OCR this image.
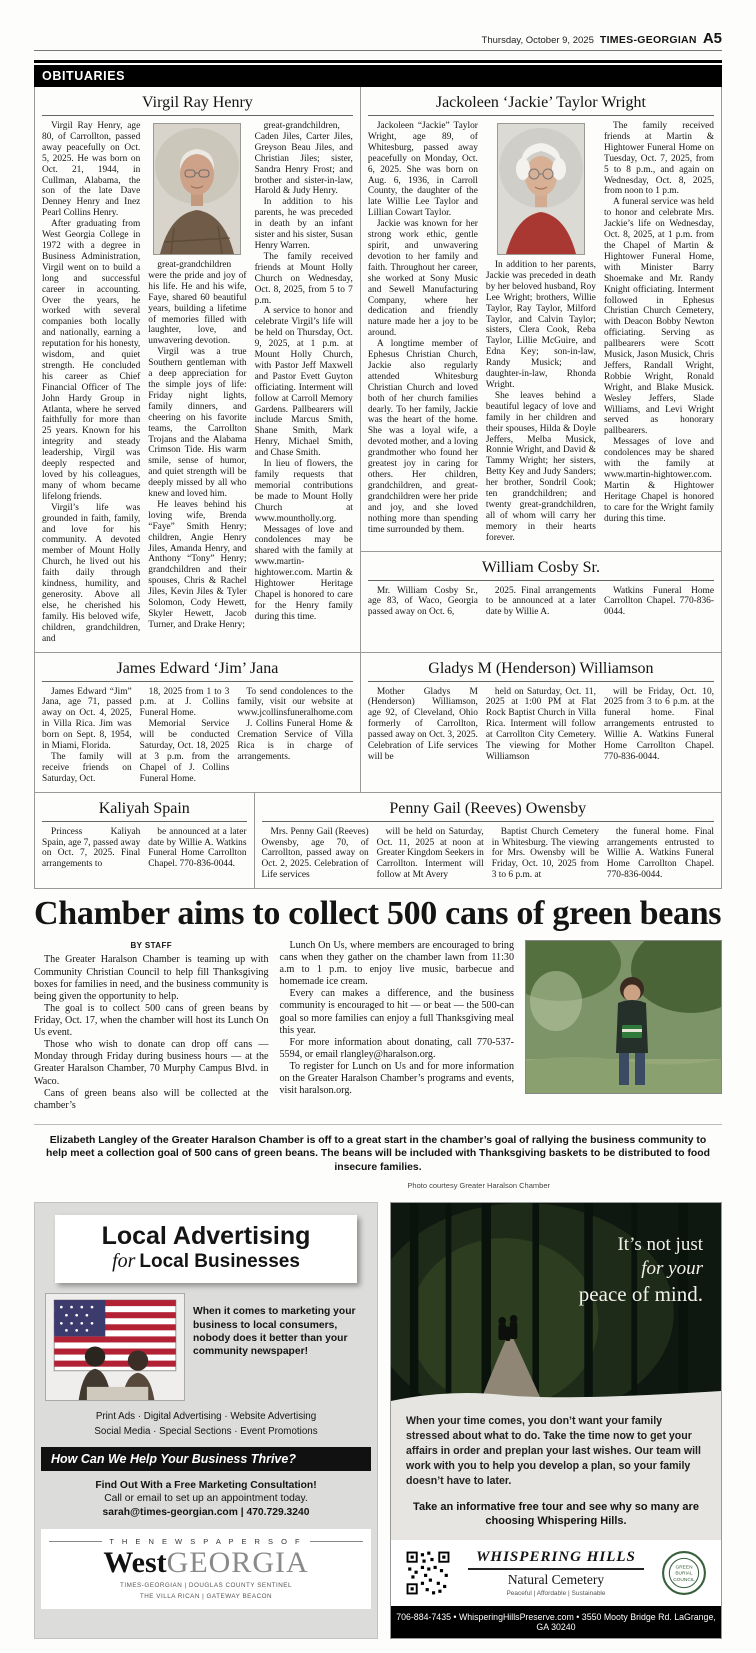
Thursday, October 9, 2025 TIMES-GEORGIAN A5
OBITUARIES
Virgil Ray Henry

Virgil Ray Henry, age 80, of Carrollton, passed away peacefully on Oct. 5, 2025. He was born on Oct. 21, 1944, in Cullman, Alabama, the son of the late Dave Denney Henry and Inez Pearl Collins Henry.

After graduating from West Georgia College in 1972 with a degree in Business Administration, Virgil went on to build a long and successful career in accounting. Over the years, he worked with several companies both locally and nationally, earning a reputation for his honesty, wisdom, and quiet strength. He concluded his career as Chief Financial Officer of The John Hardy Group in Atlanta, where he served faithfully for more than 25 years. Known for his integrity and steady leadership, Virgil was deeply respected and loved by his colleagues, many of whom became lifelong friends.

Virgil’s life was grounded in faith, family, and love for his community. A devoted member of Mount Holly Church, he lived out his faith daily through kindness, humility, and generosity. Above all else, he cherished his family. His beloved wife, children, grandchildren, and

great-grandchildren were the pride and joy of his life. He and his wife, Faye, shared 60 beautiful years, building a lifetime of memories filled with laughter, love, and unwavering devotion.

Virgil was a true Southern gentleman with a deep appreciation for the simple joys of life: Friday night lights, family dinners, and cheering on his favorite teams, the Carrollton Trojans and the Alabama Crimson Tide. His warm smile, sense of humor, and quiet strength will be deeply missed by all who knew and loved him.

He leaves behind his loving wife, Brenda “Faye” Smith Henry; children, Angie Henry Jiles, Amanda Henry, and Anthony “Tony” Henry; grandchildren and their spouses, Chris & Rachel Jiles, Kevin Jiles & Tyler Solomon, Cody Hewett, Skyler Hewett, Jacob Turner, and Drake Henry;

great-grandchildren, Caden Jiles, Carter Jiles, Greyson Beau Jiles, and Christian Jiles; sister, Sandra Henry Frost; and brother and sister-in-law, Harold & Judy Henry.

In addition to his parents, he was preceded in death by an infant sister and his sister, Susan Henry Warren.

The family received friends at Mount Holly Church on Wednesday, Oct. 8, 2025, from 5 to 7 p.m.

A service to honor and celebrate Virgil’s life will be held on Thursday, Oct. 9, 2025, at 1 p.m. at Mount Holly Church, with Pastor Jeff Maxwell and Pastor Evett Guyton officiating. Interment will follow at Carroll Memory Gardens. Pallbearers will include Marcus Smith, Shane Smith, Mark Henry, Michael Smith, and Chase Smith.

In lieu of flowers, the family requests that memorial contributions be made to Mount Holly Church at www.mountholly.org.

Messages of love and condolences may be shared with the family at www.martin-hightower.com. Martin & Hightower Heritage Chapel is honored to care for the Henry family during this time.

Jackoleen ‘Jackie’ Taylor Wright

Jackoleen “Jackie” Taylor Wright, age 89, of Whitesburg, passed away peacefully on Monday, Oct. 6, 2025. She was born on Aug. 6, 1936, in Carroll County, the daughter of the late Willie Lee Taylor and Lillian Cowart Taylor.

Jackie was known for her strong work ethic, gentle spirit, and unwavering devotion to her family and faith. Throughout her career, she worked at Sony Music and Sewell Manufacturing Company, where her dedication and friendly nature made her a joy to be around.

A longtime member of Ephesus Christian Church, Jackie also regularly attended Whitesburg Christian Church and loved both of her church families dearly. To her family, Jackie was the heart of the home. She was a loyal wife, a devoted mother, and a loving grandmother who found her greatest joy in caring for others. Her children, grandchildren, and great-grandchildren were her pride and joy, and she loved nothing more than spending time surrounded by them.

In addition to her parents, Jackie was preceded in death by her beloved husband, Roy Lee Wright; brothers, Willie Taylor, Ray Taylor, Milford Taylor, and Calvin Taylor; sisters, Clera Cook, Reba Taylor, Lillie McGuire, and Edna Key; son-in-law, Randy Musick; and daughter-in-law, Rhonda Wright.

She leaves behind a beautiful legacy of love and family in her children and their spouses, Hilda & Doyle Jeffers, Melba Musick, Ronnie Wright, and David & Tammy Wright; her sisters, Betty Key and Judy Sanders; her brother, Sondril Cook; ten grandchildren; and twenty great-grandchildren, all of whom will carry her memory in their hearts forever.

The family received friends at Martin & Hightower Funeral Home on Tuesday, Oct. 7, 2025, from 5 to 8 p.m., and again on Wednesday, Oct. 8, 2025, from noon to 1 p.m.

A funeral service was held to honor and celebrate Mrs. Jackie’s life on Wednesday, Oct. 8, 2025, at 1 p.m. from the Chapel of Martin & Hightower Funeral Home, with Minister Barry Shoemake and Mr. Randy Knight officiating. Interment followed in Ephesus Christian Church Cemetery, with Deacon Bobby Newton officiating. Serving as pallbearers were Scott Musick, Jason Musick, Chris Jeffers, Randall Wright, Robbie Wright, Ronald Wright, and Blake Musick. Wesley Jeffers, Slade Williams, and Levi Wright served as honorary pallbearers.

Messages of love and condolences may be shared with the family at www.martin-hightower.com. Martin & Hightower Heritage Chapel is honored to care for the Wright family during this time.

William Cosby Sr.

Mr. William Cosby Sr., age 83, of Waco, Georgia passed away on Oct. 6,

2025. Final arrangements to be announced at a later date by Willie A.

Watkins Funeral Home Carrollton Chapel. 770-836-0044.

James Edward ‘Jim’ Jana

James Edward “Jim” Jana, age 71, passed away on Oct. 4, 2025, in Villa Rica. Jim was born on Sept. 8, 1954, in Miami, Florida.

The family will receive friends on Saturday, Oct.

18, 2025 from 1 to 3 p.m. at J. Collins Funeral Home.

Memorial Service will be conducted Saturday, Oct. 18, 2025 at 3 p.m. from the Chapel of J. Collins Funeral Home.

To send condolences to the family, visit our website at www.jcollinsfuneralhome.com

J. Collins Funeral Home & Cremation Service of Villa Rica is in charge of arrangements.

Gladys M (Henderson) Williamson

Mother Gladys M (Henderson) Williamson, age 92, of Cleveland, Ohio formerly of Carrollton, passed away on Oct. 3, 2025. Celebration of Life services will be

held on Saturday, Oct. 11, 2025 at 1:00 PM at Flat Rock Baptist Church in Villa Rica. Interment will follow at Carrollton City Cemetery. The viewing for Mother Williamson

will be Friday, Oct. 10, 2025 from 3 to 6 p.m. at the funeral home. Final arrangements entrusted to Willie A. Watkins Funeral Home Carrollton Chapel. 770-836-0044.

Kaliyah Spain

Princess Kaliyah Spain, age 7, passed away on Oct. 7, 2025. Final arrangements to

be announced at a later date by Willie A. Watkins Funeral Home Carrollton Chapel. 770-836-0044.

Penny Gail (Reeves) Owensby

Mrs. Penny Gail (Reeves) Owensby, age 70, of Carrollton, passed away on Oct. 2, 2025. Celebration of Life services

will be held on Saturday, Oct. 11, 2025 at noon at Greater Kingdom Seekers in Carrollton. Interment will follow at Mt Avery

Baptist Church Cemetery in Whitesburg. The viewing for Mrs. Owensby will be Friday, Oct. 10, 2025 from 3 to 6 p.m. at

the funeral home. Final arrangements entrusted to Willie A. Watkins Funeral Home Carrollton Chapel. 770-836-0044.

Chamber aims to collect 500 cans of green beans
BY STAFF

The Greater Haralson Chamber is teaming up with Community Christian Council to help fill Thanksgiving boxes for families in need, and the business community is being given the opportunity to help.

The goal is to collect 500 cans of green beans by Friday, Oct. 17, when the chamber will host its Lunch On Us event.

Those who wish to donate can drop off cans — Monday through Friday during business hours — at the Greater Haralson Chamber, 70 Murphy Campus Blvd. in Waco.

Cans of green beans also will be collected at the chamber’s

Lunch On Us, where members are encouraged to bring cans when they gather on the chamber lawn from 11:30 a.m to 1 p.m. to enjoy live music, barbecue and homemade ice cream.

Every can makes a difference, and the business community is encouraged to hit — or beat — the 500-can goal so more families can enjoy a full Thanksgiving meal this year.

For more information about donating, call 770-537-5594, or email rlangley@haralson.org.

To register for Lunch on Us and for more information on the Greater Haralson Chamber’s programs and events, visit haralson.org.

Elizabeth Langley of the Greater Haralson Chamber is off to a great start in the chamber’s goal of rallying the business community to help meet a collection goal of 500 cans of green beans. The beans will be included with Thanksgiving baskets to be distributed to food insecure families.

Photo courtesy Greater Haralson Chamber

Local Advertising
for Local Businesses
When it comes to marketing your business to local consumers, nobody does it better than your community newspaper!
Print Ads · Digital Advertising · Website Advertising
Social Media · Special Sections · Event Promotions
How Can We Help Your Business Thrive?
Find Out With a Free Marketing Consultation!
Call or email to set up an appointment today.
sarah@times-georgian.com | 470.729.3240
T H E N E W S P A P E R S O F
WestGEORGIA
TIMES-GEORGIAN | DOUGLAS COUNTY SENTINEL
THE VILLA RICAN | GATEWAY BEACON
It’s not just
for your
peace of mind.

When your time comes, you don’t want your family stressed about what to do. Take the time now to get your affairs in order and preplan your last wishes. Our team will work with you to help you develop a plan, so your family doesn’t have to later.

Take an informative free tour and see why so many are choosing Whispering Hills.

WHISPERING HILLS
Natural Cemetery
Peaceful | Affordable | Sustainable
GREEN
BURIAL
COUNCIL
706-884-7435 • WhisperingHillsPreserve.com • 3550 Mooty Bridge Rd. LaGrange, GA 30240
